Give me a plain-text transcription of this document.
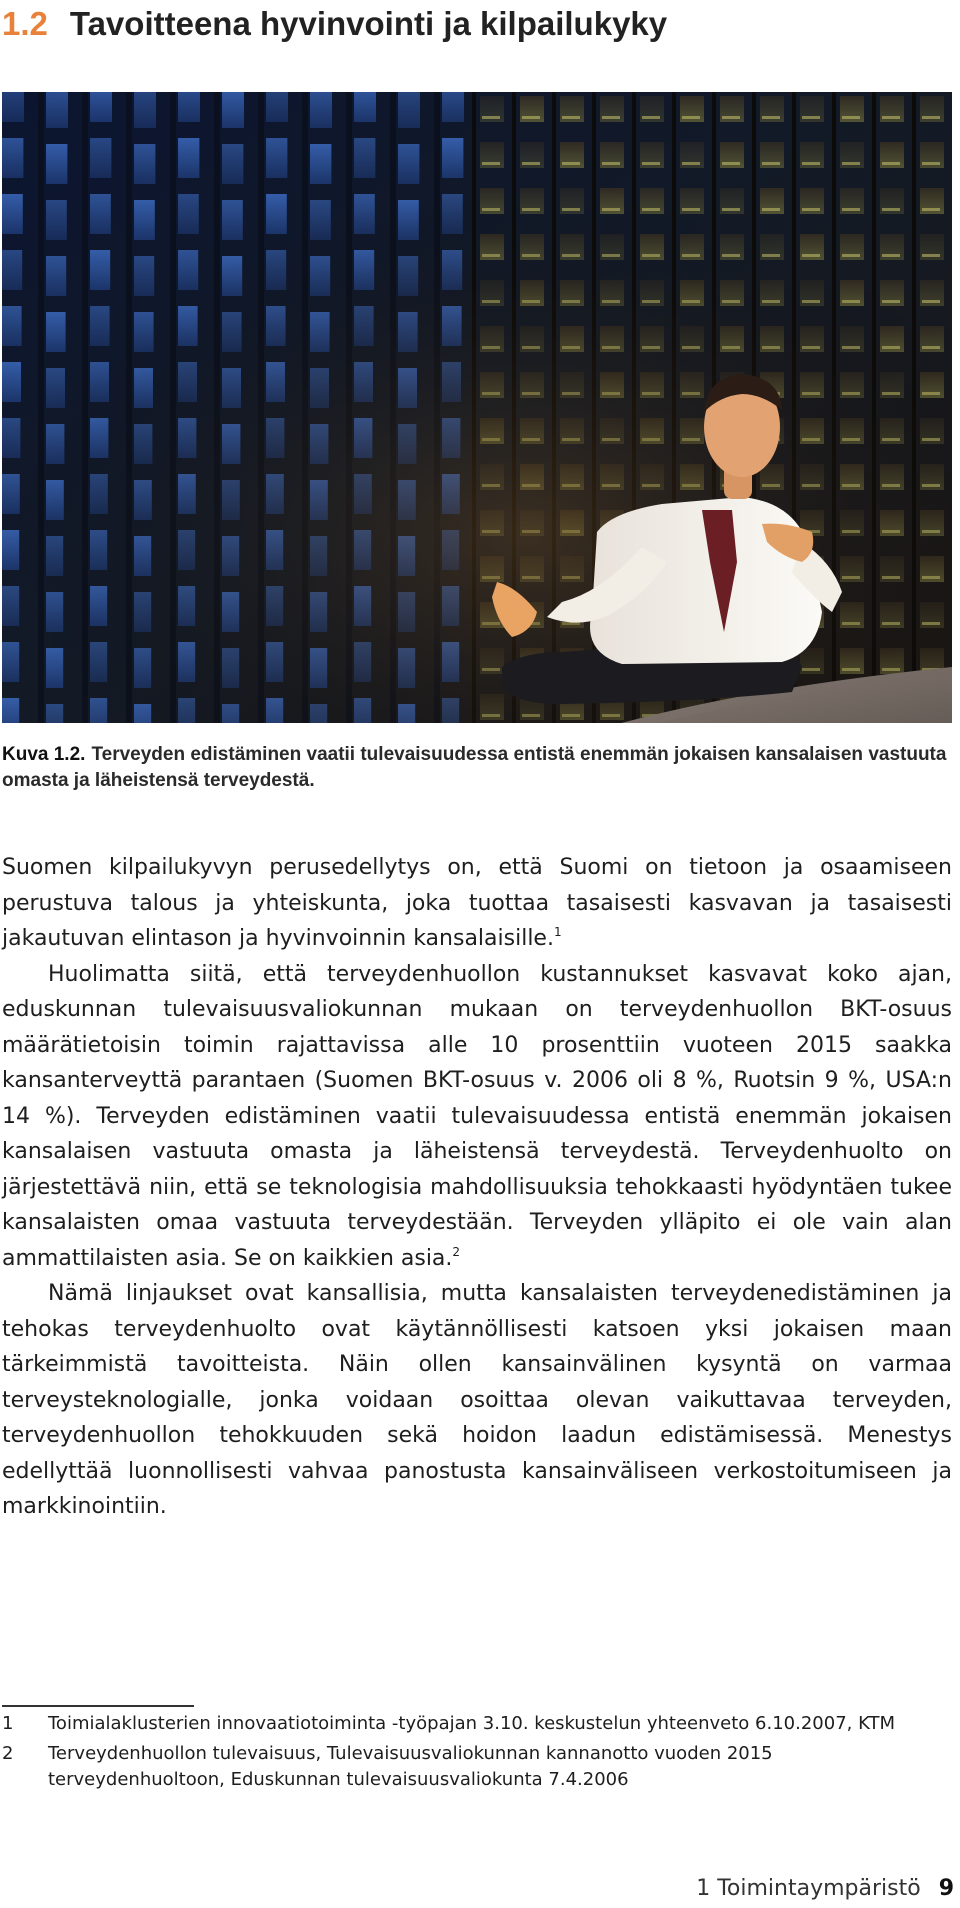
1.2 Tavoitteena hyvinvointi ja kilpailukyky
Kuva 1.2. Terveyden edistäminen vaatii tulevaisuudessa entistä enemmän jokaisen kansalaisen vastuuta omasta ja läheistensä terveydestä.

Suomen kilpailukyvyn perusedellytys on, että Suomi on tietoon ja osaamiseen perustuva talous ja yhteiskunta, joka tuottaa tasaisesti kasvavan ja tasaisesti jakautuvan elintason ja hyvinvoinnin kansalaisille.$^1$

Huolimatta siitä, että terveydenhuollon kustannukset kasvavat koko ajan, eduskunnan tulevaisuusvaliokunnan mukaan on terveydenhuollon BKT-osuus määrätietoisin toimin rajattavissa alle 10 prosenttiin vuoteen 2015 saakka kansanterveyttä parantaen (Suomen BKT-osuus v. 2006 oli 8 %, Ruotsin 9 %, USA:n 14 %). Terveyden edistäminen vaatii tulevaisuudessa entistä enemmän jokaisen kansalaisen vastuuta omasta ja läheistensä terveydestä. Terveydenhuolto on järjestettävä niin, että se teknologisia mahdollisuuksia tehokkaasti hyödyntäen tukee kansalaisten omaa vastuuta terveydestään. Terveyden ylläpito ei ole vain alan ammattilaisten asia. Se on kaikkien asia.$^2$

Nämä linjaukset ovat kansallisia, mutta kansalaisten terveydenedistäminen ja tehokas terveydenhuolto ovat käytännöllisesti katsoen yksi jokaisen maan tärkeimmistä tavoitteista. Näin ollen kansainvälinen kysyntä on varmaa terveysteknologialle, jonka voidaan osoittaa olevan vaikuttavaa terveyden, terveydenhuollon tehokkuuden sekä hoidon laadun edistämisessä. Menestys edellyttää luonnollisesti vahvaa panostusta kansainväliseen verkostoitumiseen ja markkinointiin.

1	Toimialaklusterien innovaatiotoiminta -työpajan 3.10. keskustelun yhteenveto 6.10.2007, KTM
2	Terveydenhuollon tulevaisuus, Tulevaisuusvaliokunnan kannanotto vuoden 2015 terveydenhuoltoon, Eduskunnan tulevaisuusvaliokunta 7.4.2006
1 Toimintaympäristö 9
